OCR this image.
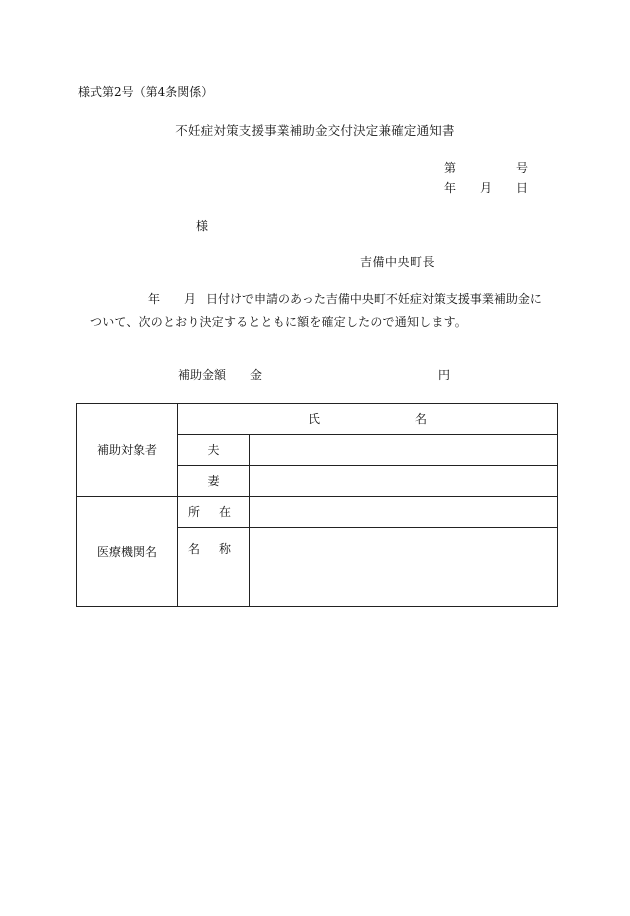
様式第2号（第4条関係）
不妊症対策支援事業補助金交付決定兼確定通知書
第	号
年 月 日
様
吉備中央町長
年 月 日付けで申請のあった吉備中央町不妊症対策支援事業補助金に
ついて、次のとおり決定するとともに額を確定したので通知します。
補助金額 金	円
補助対象者	氏 名	

	夫	
	妻	
医療機関名	所 在	

	名 称	
